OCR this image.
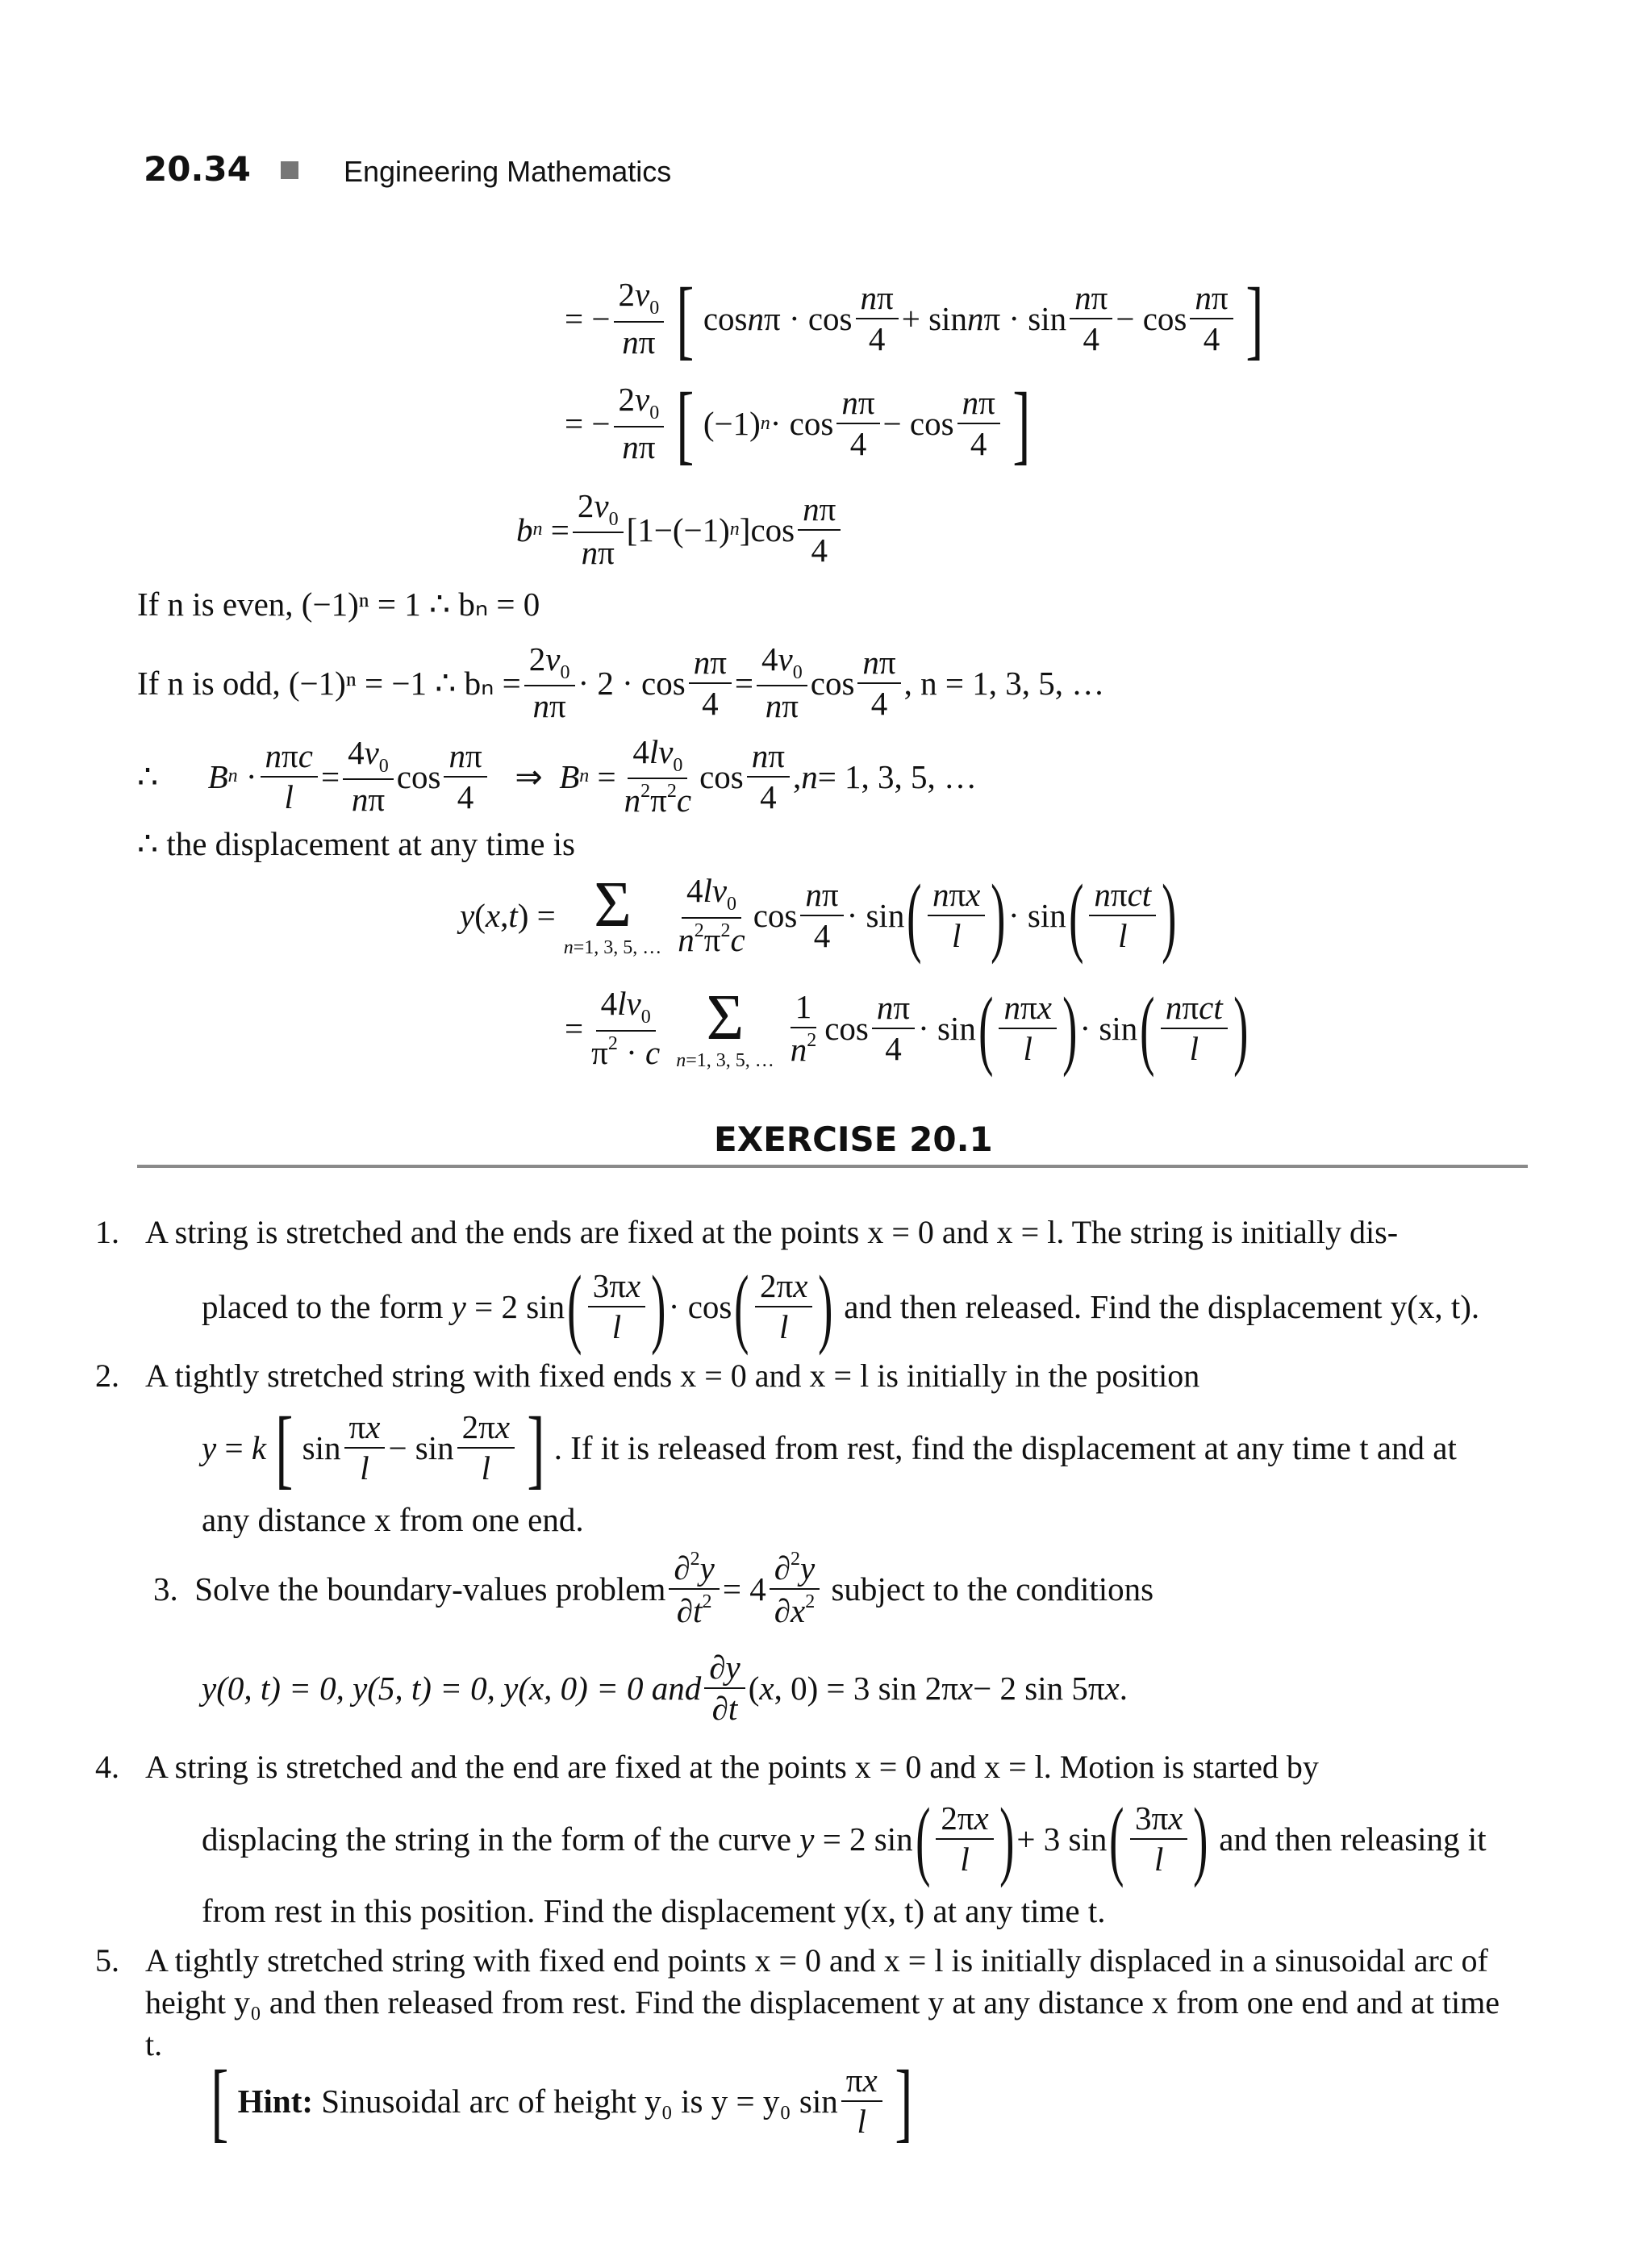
20.34	Engineering Mathematics
= − $\frac{2v_0}{n\pi}$ [ cos n $\pi \cdot \cos \frac{n\pi}{4} + \sin n$ $\pi \cdot \sin \frac{n\pi}{4} - \cos \frac{n\pi}{4}$ ]
= − $\frac{2v_0}{n\pi}$ [ (−1) $n \cdot \cos \frac{n\pi}{4} - \cos \frac{n\pi}{4}$ ]
b $n = \frac{2v_0}{n\pi} [1-(-1)$ n ]$\cos \frac{n\pi}{4}$
If n is even, (−1)ⁿ = 1 ∴ bₙ = 0
If n is odd, (−1)ⁿ = −1 ∴ $b_n = \frac{2v_0}{n\pi} \cdot 2 \cdot \cos \frac{n\pi}{4} = \frac{4v_0}{n\pi}$ $\cos \frac{n\pi}{4}$ , n = 1, 3, 5, …
∴ B $n \cdot \frac{\text{nπc}}{l} = \frac{4v_0}{n\pi}$ $\cos \frac{n\pi}{4}$ ⇒ B $n = \frac{4lv_0}{n^2\pi^2c}$ $\cos \frac{n\pi}{4}$ , n = 1, 3, 5, …
∴ the displacement at any time is
y ( x , t ) = Σ
n=1, 3, 5, … $\frac{4lv_0}{n^2\pi^2c}$ $\cos \frac{n\pi}{4} \cdot \sin$ ( $\frac{\text{nπx}}{l}$ ) · sin ( $\frac{\text{nπct}}{l}$ )
= $\frac{4lv_0}{\pi^2 \cdot c}$ Σ
n=1, 3, 5, … $\frac{1}{n^2}$ $\cos \frac{n\pi}{4} \cdot \sin$ ( $\frac{\text{nπx}}{l}$ ) · sin ( $\frac{\text{nπct}}{l}$ )
EXERCISE 20.1
1. A string is stretched and the ends are fixed at the points x = 0 and x = l. The string is initially dis-
placed to the form
y = 2 sin ( $\frac{3\pi x}{l}$ ) · cos ( $\frac{2\pi x}{l}$ )
and then released. Find the displacement y(x, t).
2. A tightly stretched string with fixed ends x = 0 and x = l is initially in the position
y = k [ $\sin \frac{\pi x}{l} - \sin \frac{2\pi x}{l}$ ] . If it is released from rest, find the displacement at any time t and at
any distance x from one end.
3.
Solve the boundary-values problem $\frac{\partial^2y}{\partial t^2} = 4 \frac{\partial^2y}{\partial x^2}$
subject to the conditions
y(0, t) = 0, y(5, t) = 0, y(x, 0) = 0 and $\frac{\partial y}{\partial t}$ ( x , 0) = 3 sin 2π x − 2 sin 5π x .
4. A string is stretched and the end are fixed at the points x = 0 and x = l. Motion is started by
displacing the string in the form of the curve
y = 2 sin ( $\frac{2\pi x}{l}$ ) + 3 sin ( $\frac{3\pi x}{l}$ )
and then releasing it
from rest in this position. Find the displacement y(x, t) at any time t.
5. A tightly stretched string with fixed end points x = 0 and x = l is initially displaced in a sinusoidal arc of height y₀ and then released from rest. Find the displacement y at any distance x from one end and at time t.
[ Hint:
Sinusoidal arc of height y₀ is y = y₀ $\sin \frac{\pi x}{l}$ ]
